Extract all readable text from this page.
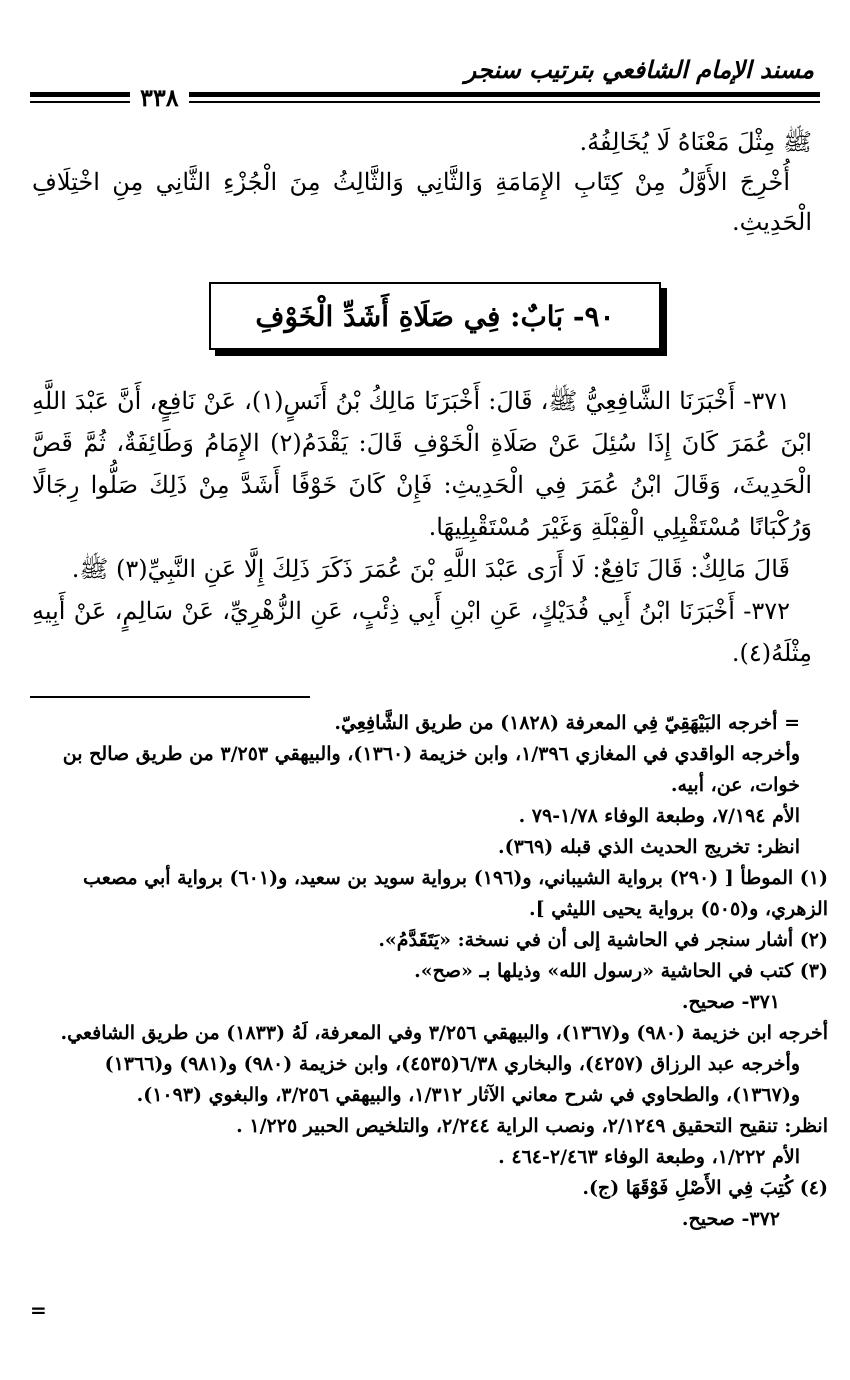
مسند الإمام الشافعي بترتيب سنجر
٣٣٨

ﷺ مِثْلَ مَعْنَاهُ لَا يُخَالِفُهُ.

أُخْرِجَ الأَوَّلُ مِنْ كِتَابِ الإِمَامَةِ وَالثَّانِي وَالثَّالِثُ مِنَ الْجُزْءِ الثَّانِي مِنِ اخْتِلَافِ الْحَدِيثِ.

٩٠- بَابٌ: فِي صَلَاةِ أَشَدِّ الْخَوْفِ

٣٧١- أَخْبَرَنَا الشَّافِعِيُّ ﷺ، قَالَ: أَخْبَرَنَا مَالِكُ بْنُ أَنَسٍ(١)، عَنْ نَافِعٍ، أَنَّ عَبْدَ اللَّهِ ابْنَ عُمَرَ كَانَ إِذَا سُئِلَ عَنْ صَلَاةِ الْخَوْفِ قَالَ: يَقْدَمُ(٢) الإِمَامُ وَطَائِفَةٌ، ثُمَّ قَصَّ الْحَدِيثَ، وَقَالَ ابْنُ عُمَرَ فِي الْحَدِيثِ: فَإِنْ كَانَ خَوْفًا أَشَدَّ مِنْ ذَلِكَ صَلُّوا رِجَالًا وَرُكْبَانًا مُسْتَقْبِلِي الْقِبْلَةِ وَغَيْرَ مُسْتَقْبِلِيهَا.

قَالَ مَالِكٌ: قَالَ نَافِعٌ: لَا أَرَى عَبْدَ اللَّهِ بْنَ عُمَرَ ذَكَرَ ذَلِكَ إِلَّا عَنِ النَّبِيِّ(٣) ﷺ.

٣٧٢- أَخْبَرَنَا ابْنُ أَبِي فُدَيْكٍ، عَنِ ابْنِ أَبِي ذِئْبٍ، عَنِ الزُّهْرِيِّ، عَنْ سَالِمٍ، عَنْ أَبِيهِ مِثْلَهُ(٤).

= أخرجه البَيْهَقِيّ فِي المعرفة (١٨٢٨) من طريق الشَّافِعِيّ.

وأخرجه الواقدي في المغازي ١/٣٩٦، وابن خزيمة (١٣٦٠)، والبيهقي ٣/٢٥٣ من طريق صالح بن خوات، عن، أبيه.

الأم ٧/١٩٤، وطبعة الوفاء ١/٧٨-٧٩ .

انظر: تخريج الحديث الذي قبله (٣٦٩).

(١) الموطأ [ (٢٩٠) برواية الشيباني، و(١٩٦) برواية سويد بن سعيد، و(٦٠١) برواية أبي مصعب الزهري، و(٥٠٥) برواية يحيى الليثي ].

(٢) أشار سنجر في الحاشية إلى أن في نسخة: «يَتَقَدَّمُ».

(٣) كتب في الحاشية «رسول الله» وذيلها بـ «صح».

٣٧١- صحيح.

أخرجه ابن خزيمة (٩٨٠) و(١٣٦٧)، والبيهقي ٣/٢٥٦ وفي المعرفة، لَهُ (١٨٣٣) من طريق الشافعي.

وأخرجه عبد الرزاق (٤٢٥٧)، والبخاري ٦/٣٨(٤٥٣٥)، وابن خزيمة (٩٨٠) و(٩٨١) و(١٣٦٦) و(١٣٦٧)، والطحاوي في شرح معاني الآثار ١/٣١٢، والبيهقي ٣/٢٥٦، والبغوي (١٠٩٣).

انظر: تنقيح التحقيق ٢/١٢٤٩، ونصب الراية ٢/٢٤٤، والتلخيص الحبير ١/٢٢٥ .

الأم ١/٢٢٢، وطبعة الوفاء ٢/٤٦٣-٤٦٤ .

(٤) كُتِبَ فِي الأَصْلِ فَوْقَهَا (ج).

٣٧٢- صحيح.

=
